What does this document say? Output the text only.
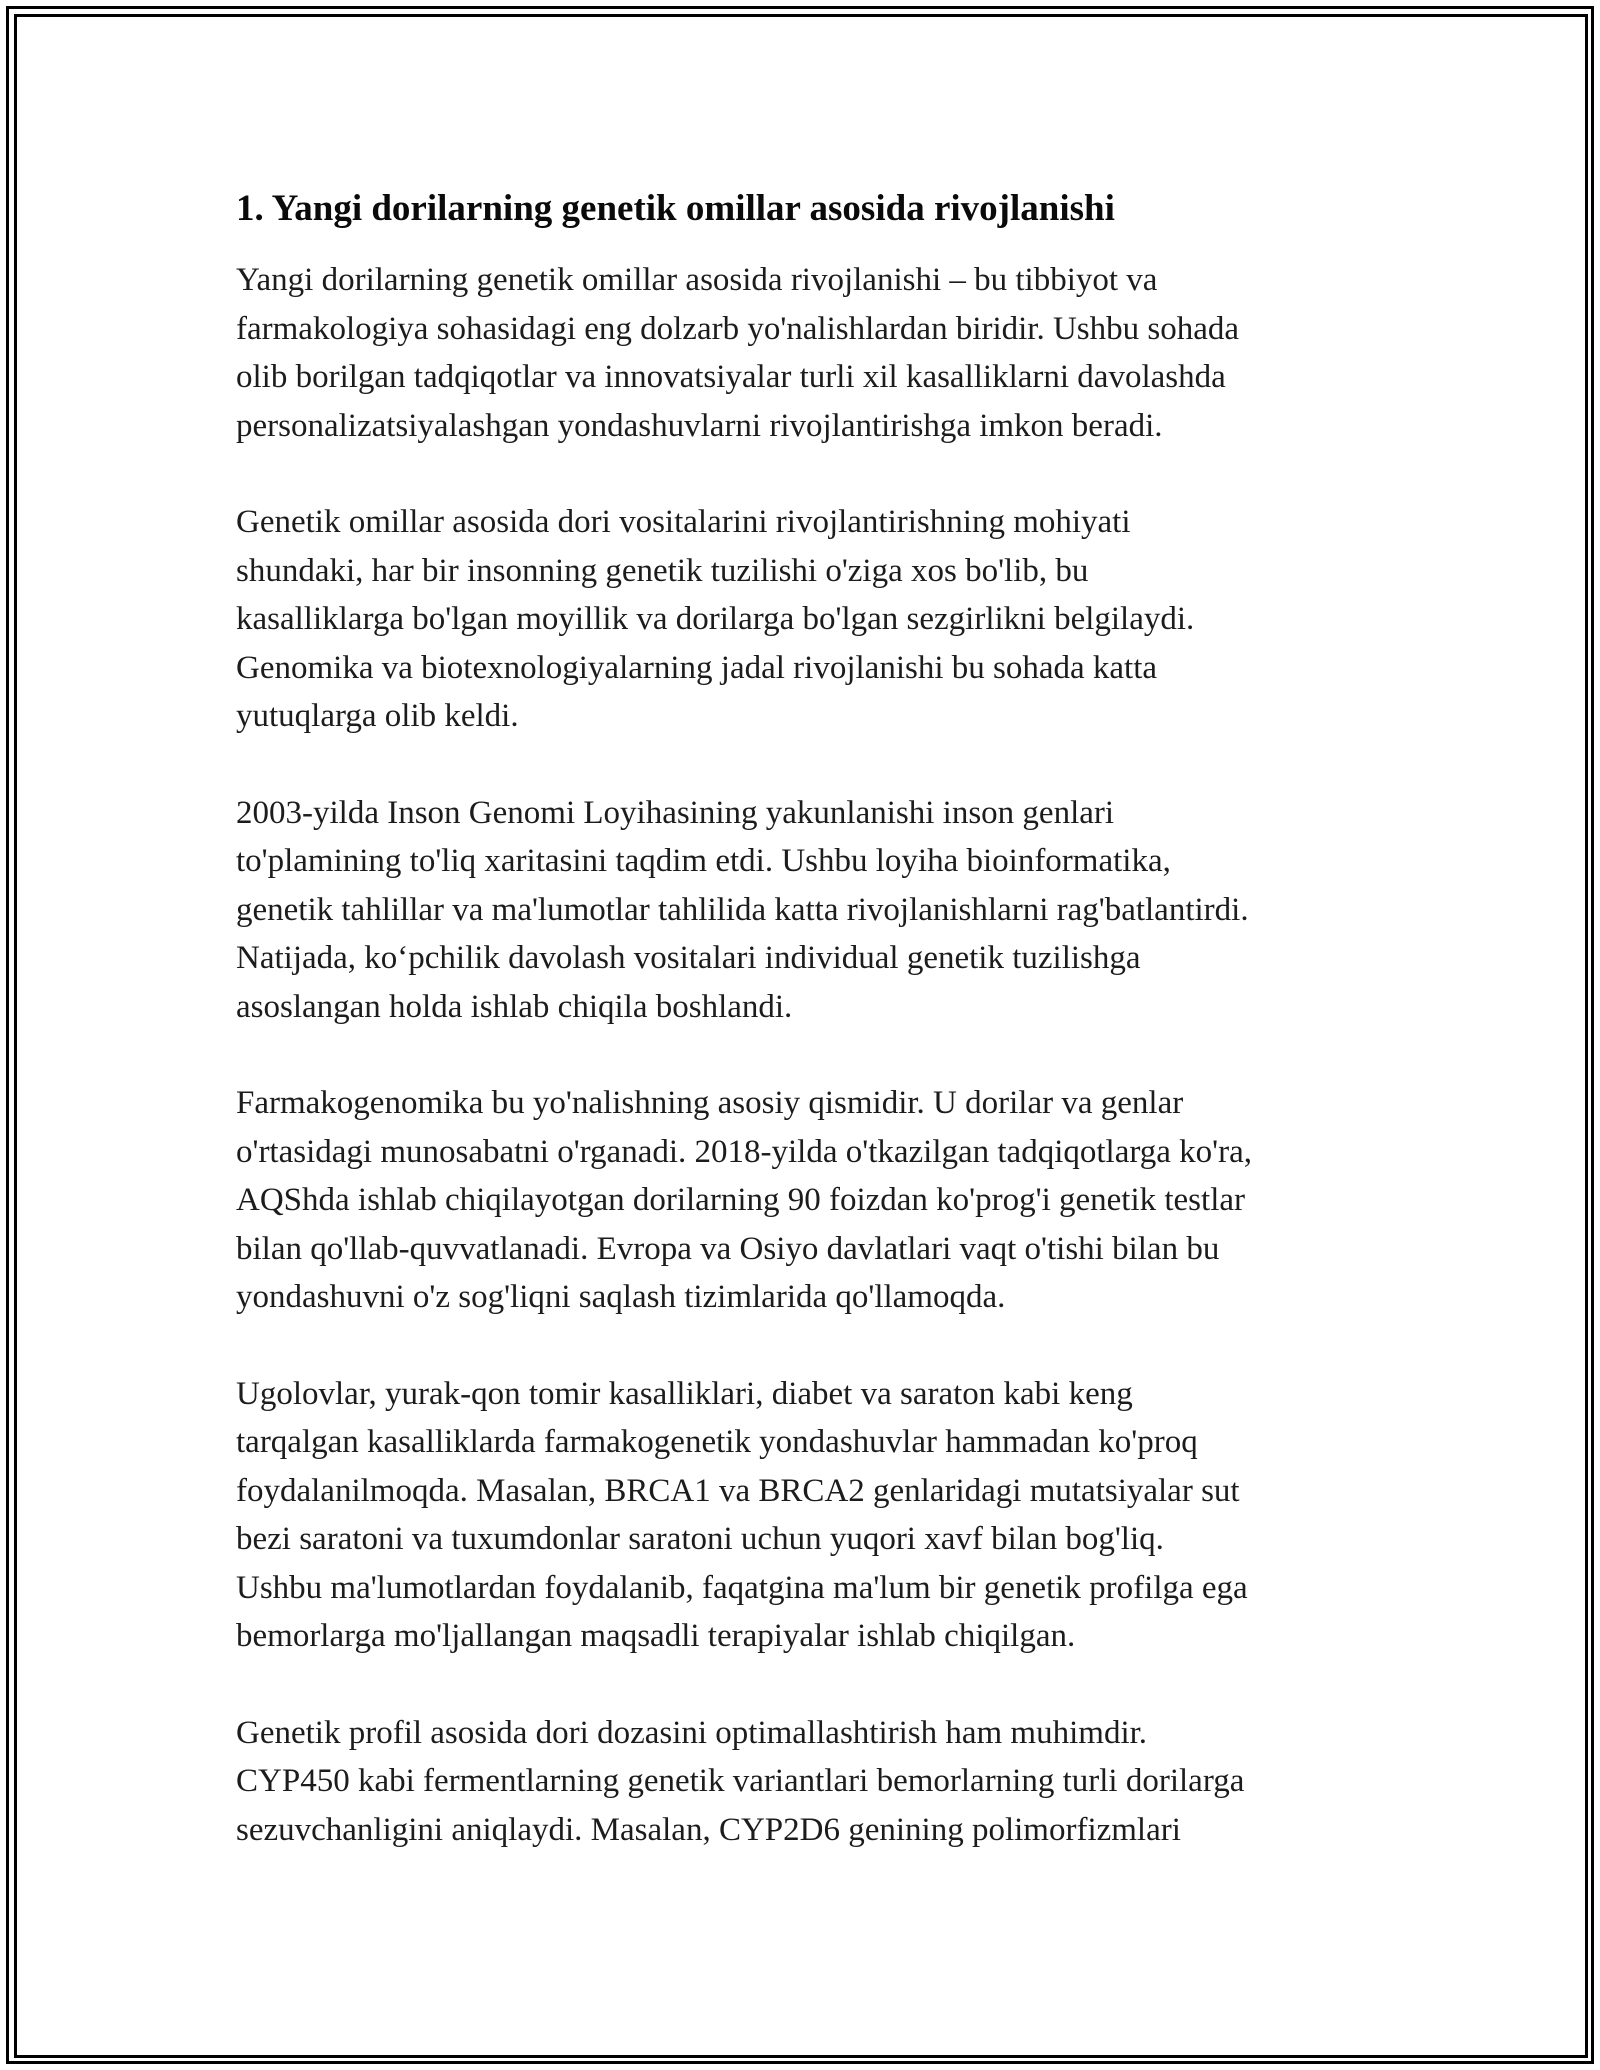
1. Yangi dorilarning genetik omillar asosida rivojlanishi

Yangi dorilarning genetik omillar asosida rivojlanishi – bu tibbiyot va
farmakologiya sohasidagi eng dolzarb yo'nalishlardan biridir. Ushbu sohada
olib borilgan tadqiqotlar va innovatsiyalar turli xil kasalliklarni davolashda
personalizatsiyalashgan yondashuvlarni rivojlantirishga imkon beradi.

Genetik omillar asosida dori vositalarini rivojlantirishning mohiyati
shundaki, har bir insonning genetik tuzilishi o'ziga xos bo'lib, bu
kasalliklarga bo'lgan moyillik va dorilarga bo'lgan sezgirlikni belgilaydi.
Genomika va biotexnologiyalarning jadal rivojlanishi bu sohada katta
yutuqlarga olib keldi.

2003-yilda Inson Genomi Loyihasining yakunlanishi inson genlari
to'plamining to'liq xaritasini taqdim etdi. Ushbu loyiha bioinformatika,
genetik tahlillar va ma'lumotlar tahlilida katta rivojlanishlarni rag'batlantirdi.
Natijada, ko‘pchilik davolash vositalari individual genetik tuzilishga
asoslangan holda ishlab chiqila boshlandi.

Farmakogenomika bu yo'nalishning asosiy qismidir. U dorilar va genlar
o'rtasidagi munosabatni o'rganadi. 2018-yilda o'tkazilgan tadqiqotlarga ko'ra,
AQShda ishlab chiqilayotgan dorilarning 90 foizdan ko'prog'i genetik testlar
bilan qo'llab-quvvatlanadi. Evropa va Osiyo davlatlari vaqt o'tishi bilan bu
yondashuvni o'z sog'liqni saqlash tizimlarida qo'llamoqda.

Ugolovlar, yurak-qon tomir kasalliklari, diabet va saraton kabi keng
tarqalgan kasalliklarda farmakogenetik yondashuvlar hammadan ko'proq
foydalanilmoqda. Masalan, BRCA1 va BRCA2 genlaridagi mutatsiyalar sut
bezi saratoni va tuxumdonlar saratoni uchun yuqori xavf bilan bog'liq.
Ushbu ma'lumotlardan foydalanib, faqatgina ma'lum bir genetik profilga ega
bemorlarga mo'ljallangan maqsadli terapiyalar ishlab chiqilgan.

Genetik profil asosida dori dozasini optimallashtirish ham muhimdir.
CYP450 kabi fermentlarning genetik variantlari bemorlarning turli dorilarga
sezuvchanligini aniqlaydi. Masalan, CYP2D6 genining polimorfizmlari
